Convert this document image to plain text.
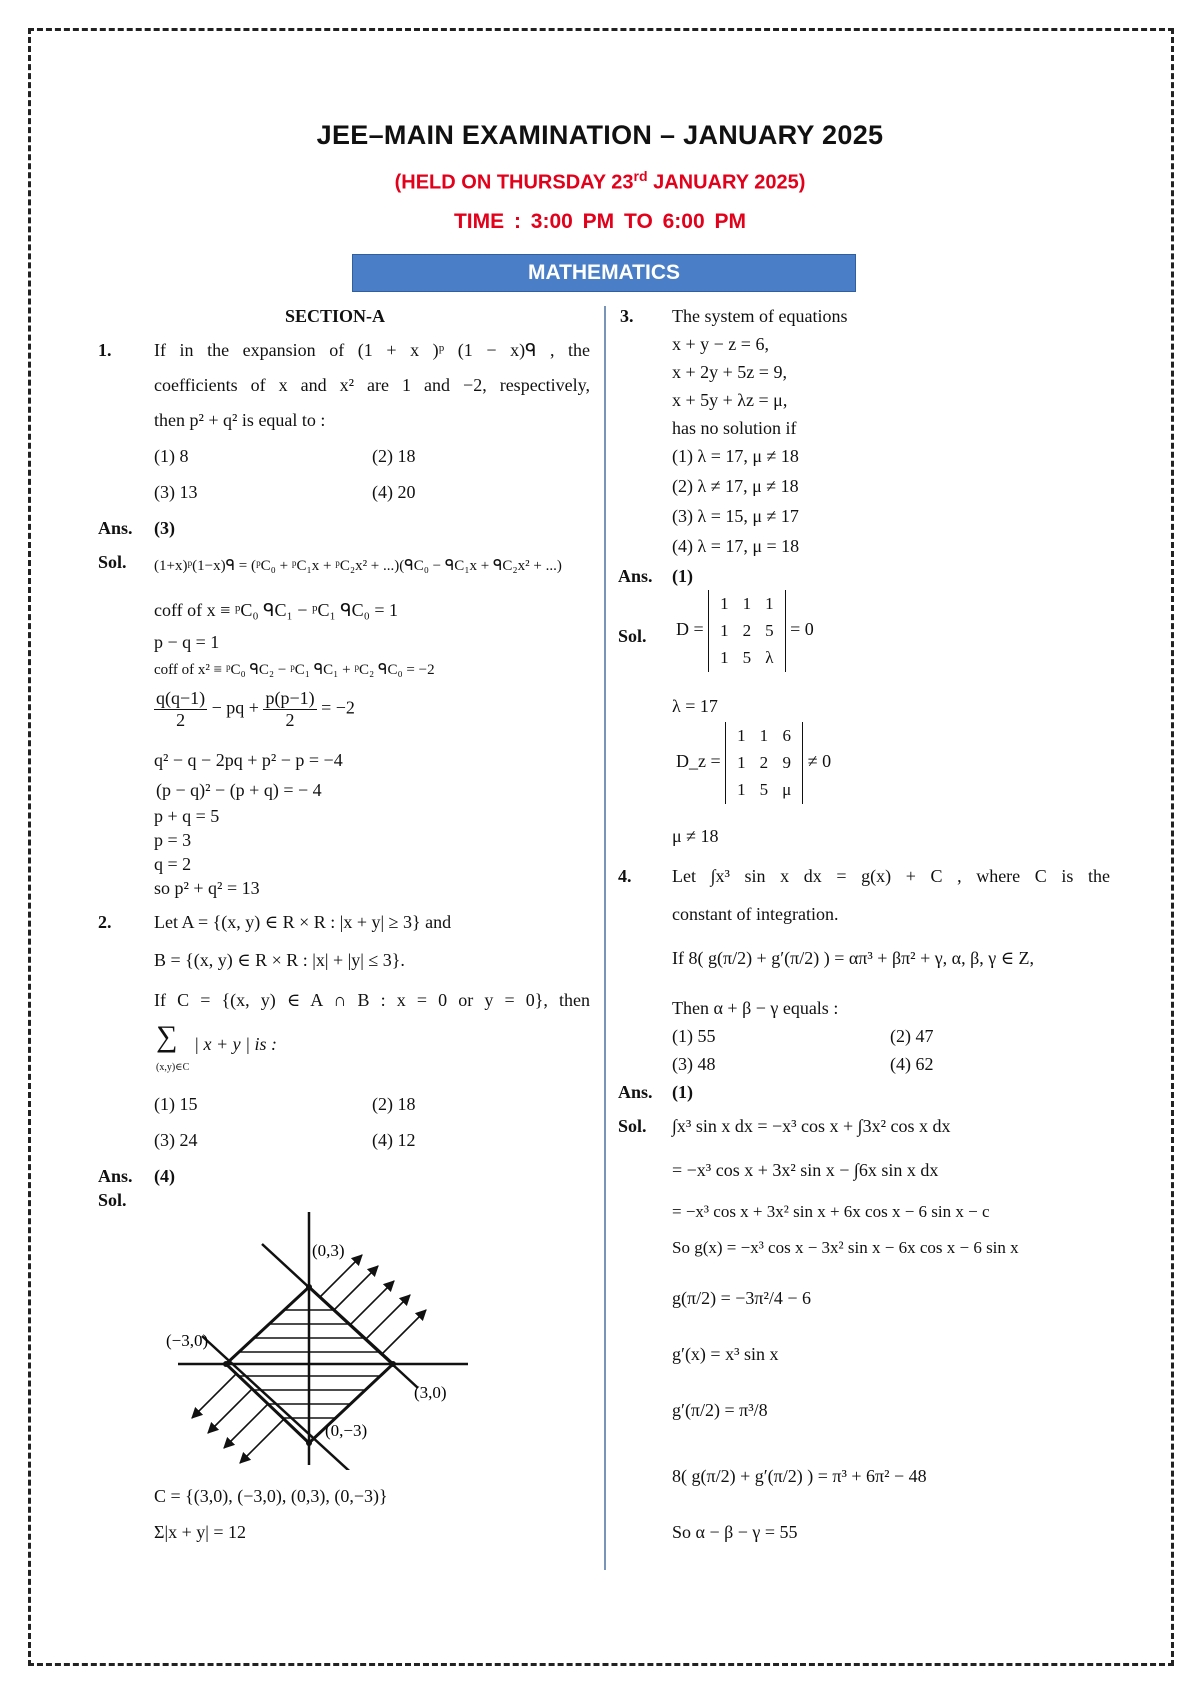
JEE–MAIN EXAMINATION – JANUARY 2025
(HELD ON THURSDAY 23rd JANUARY 2025)
TIME : 3:00 PM TO 6:00 PM
MATHEMATICS
SECTION-A
1. If in the expansion of (1 + x )ᵖ (1 − x)ᑫ , the
coefficients of x and x² are 1 and −2, respectively,
then p² + q² is equal to :
(1) 8	(2) 18
(3) 13	(4) 20
Ans. (3)
Sol. (1+x)ᵖ(1−x)ᑫ = (ᵖC₀ + ᵖC₁x + ᵖC₂x² + ...)(ᑫC₀ − ᑫC₁x + ᑫC₂x² + ...)
coff of x ≡ ᵖC₀ ᑫC₁ − ᵖC₁ ᑫC₀ = 1
p − q = 1
coff of x² ≡ ᵖC₀ ᑫC₂ − ᵖC₁ ᑫC₁ + ᵖC₂ ᑫC₀ = −2
$\frac{q(q-1)}{2}$ − pq + $\frac{p(p-1)}{2} = -2$
q² − q − 2pq + p² − p = −4
(p − q)² − (p + q) = − 4
p + q = 5
p = 3
q = 2
so p² + q² = 13
2. Let A = {(x, y) ∈ R × R : |x + y| ≥ 3} and
B = {(x, y) ∈ R × R : |x| + |y| ≤ 3}.
If C = {(x, y) ∈ A ∩ B : x = 0 or y = 0}, then
∑
(x,y)∈C
| x + y | is :
(1) 15	(2) 18
(3) 24	(4) 12
Ans. (4)
Sol.
(0,3)
(−3,0)
(3,0)
(0,−3)
C = {(3,0), (−3,0), (0,3), (0,−3)}
Σ|x + y| = 12
3. The system of equations
x + y − z = 6,
x + 2y + 5z = 9,
x + 5y + λz = μ,
has no solution if
(1) λ = 17, μ ≠ 18
(2) λ ≠ 17, μ ≠ 18
(3) λ = 15, μ ≠ 17
(4) λ = 17, μ = 18
Ans. (1)
Sol. D =
1	1	1
1	2	5
1	5	λ
= 0
λ = 17
D_z =
1	1	6
1	2	9
1	5	μ
≠ 0
μ ≠ 18
4. Let ∫x³ sin x dx = g(x) + C , where C is the
constant of integration.
If 8( g(π/2) + g′(π/2) ) = απ³ + βπ² + γ, α, β, γ ∈ Z,
Then α + β − γ equals :
(1) 55	(2) 47
(3) 48	(4) 62
Ans. (1)
Sol. ∫x³ sin x dx = −x³ cos x + ∫3x² cos x dx
= −x³ cos x + 3x² sin x − ∫6x sin x dx
= −x³ cos x + 3x² sin x + 6x cos x − 6 sin x − c
So g(x) = −x³ cos x − 3x² sin x − 6x cos x − 6 sin x
g(π/2) = −3π²/4 − 6
g′(x) = x³ sin x
g′(π/2) = π³/8
8( g(π/2) + g′(π/2) ) = π³ + 6π² − 48
So α − β − γ = 55
